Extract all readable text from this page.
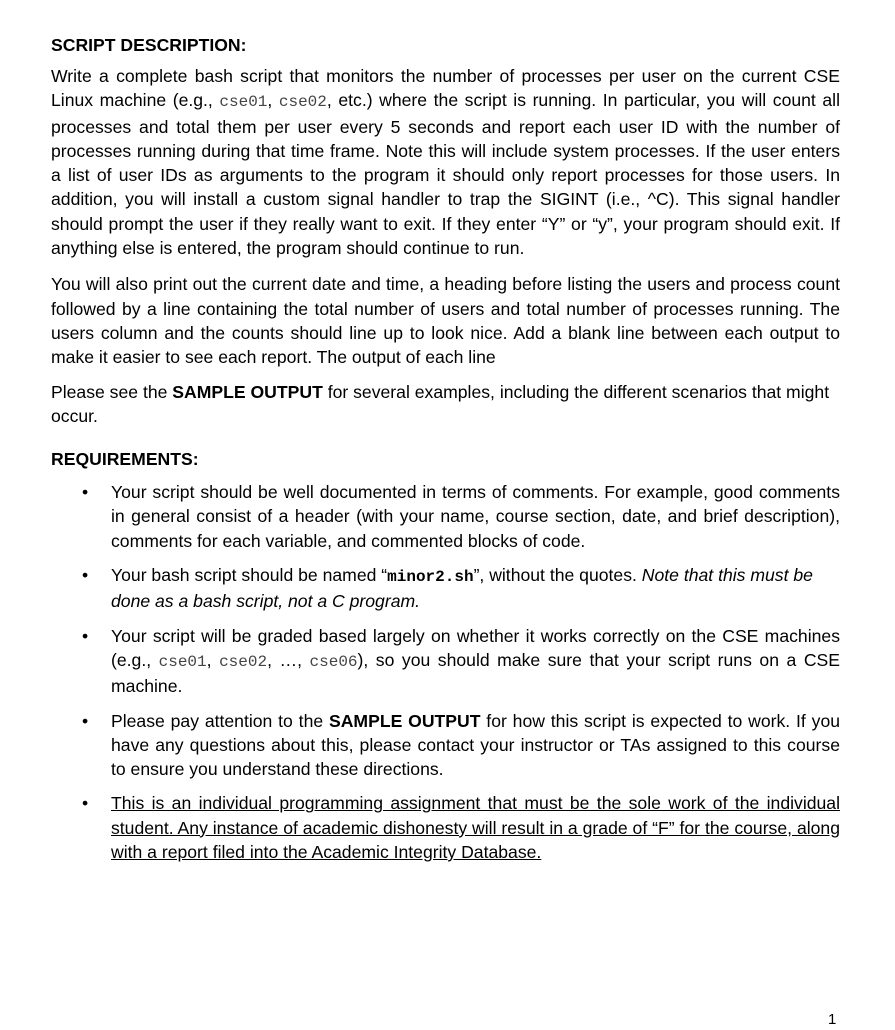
SCRIPT DESCRIPTION:

Write a complete bash script that monitors the number of processes per user on the current CSE Linux machine (e.g., cse01, cse02, etc.) where the script is running. In particular, you will count all processes and total them per user every 5 seconds and report each user ID with the number of processes running during that time frame. Note this will include system processes. If the user enters a list of user IDs as arguments to the program it should only report processes for those users. In addition, you will install a custom signal handler to trap the SIGINT (i.e., ^C). This signal handler should prompt the user if they really want to exit. If they enter “Y” or “y”, your program should exit. If anything else is entered, the program should continue to run.

You will also print out the current date and time, a heading before listing the users and process count followed by a line containing the total number of users and total number of processes running. The users column and the counts should line up to look nice. Add a blank line between each output to make it easier to see each report. The output of each line

Please see the SAMPLE OUTPUT for several examples, including the different scenarios that might occur.

REQUIREMENTS:
• Your script should be well documented in terms of comments. For example, good comments in general consist of a header (with your name, course section, date, and brief description), comments for each variable, and commented blocks of code.
• Your bash script should be named “minor2.sh”, without the quotes. Note that this must be done as a bash script, not a C program.
• Your script will be graded based largely on whether it works correctly on the CSE machines (e.g., cse01, cse02, …, cse06), so you should make sure that your script runs on a CSE machine.
• Please pay attention to the SAMPLE OUTPUT for how this script is expected to work. If you have any questions about this, please contact your instructor or TAs assigned to this course to ensure you understand these directions.
• This is an individual programming assignment that must be the sole work of the individual student. Any instance of academic dishonesty will result in a grade of “F” for the course, along with a report filed into the Academic Integrity Database.
1
